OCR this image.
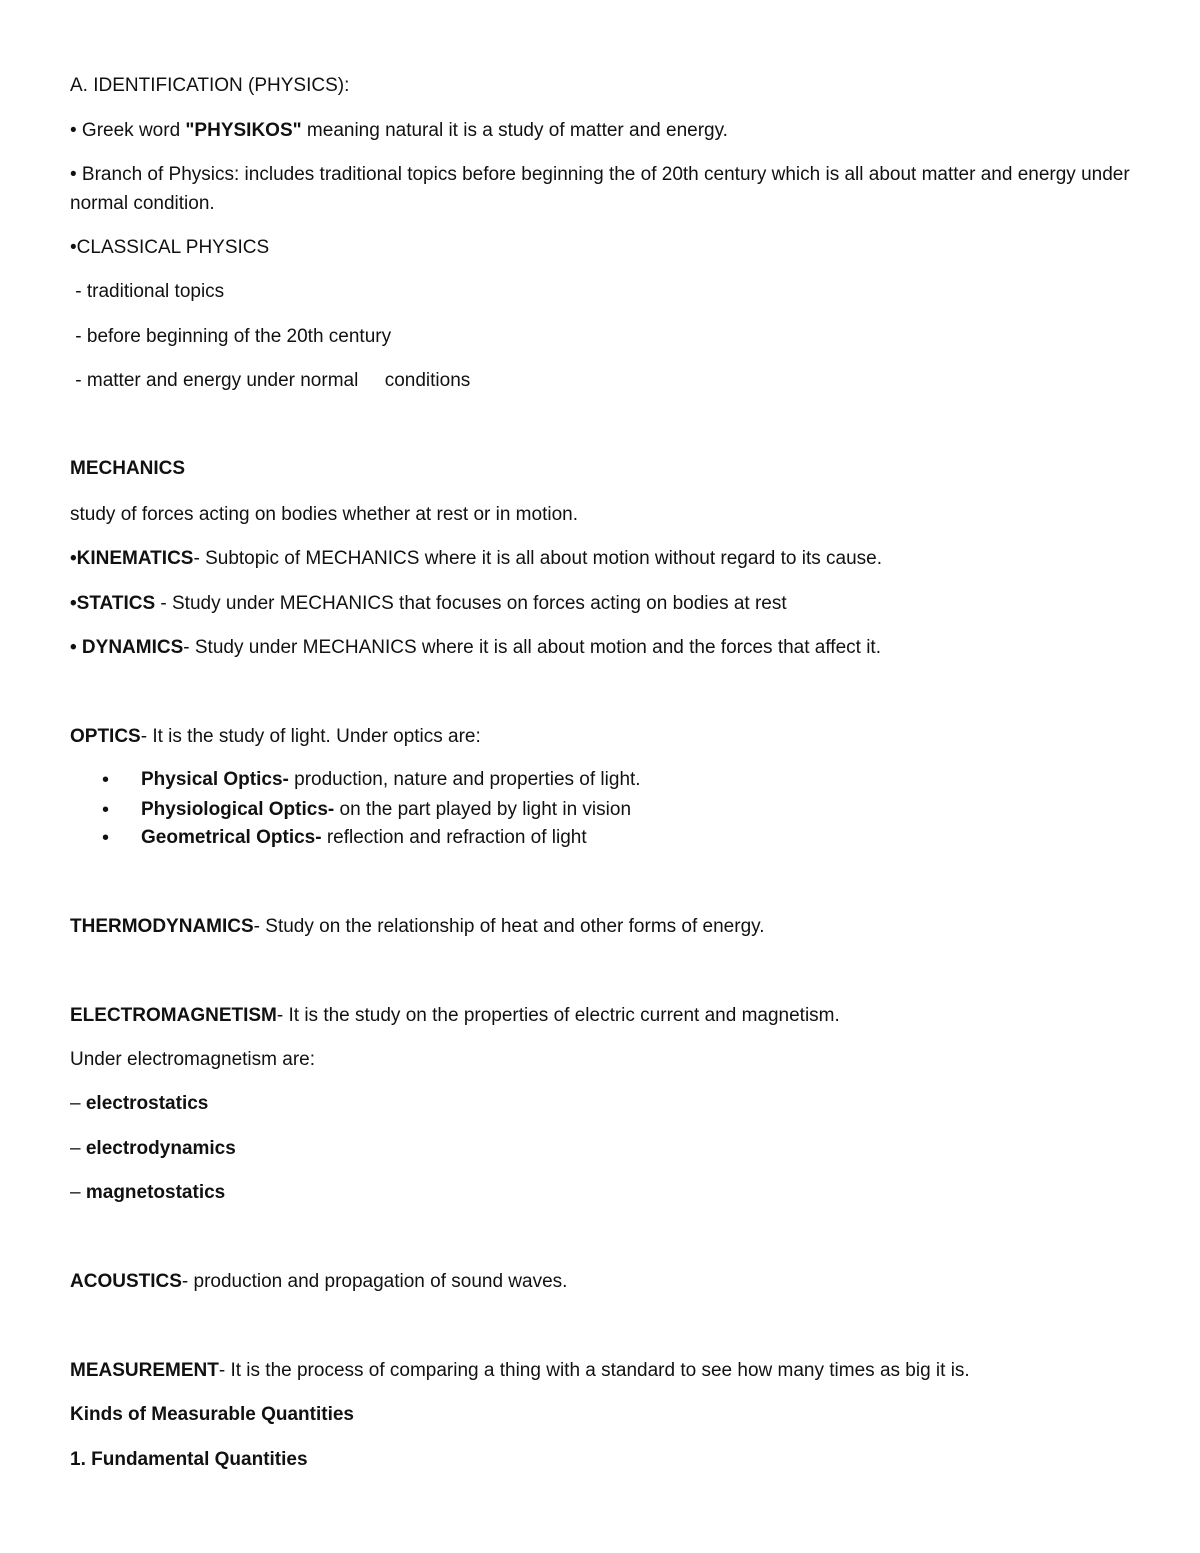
A. IDENTIFICATION (PHYSICS):

• Greek word "PHYSIKOS" meaning natural it is a study of matter and energy.

• Branch of Physics: includes traditional topics before beginning the of 20th century which is all about matter and energy under normal condition.

•CLASSICAL PHYSICS

- traditional topics

- before beginning of the 20th century

- matter and energy under normal     conditions

MECHANICS

study of forces acting on bodies whether at rest or in motion.

•KINEMATICS- Subtopic of MECHANICS where it is all about motion without regard to its cause.

•STATICS - Study under MECHANICS that focuses on forces acting on bodies at rest

• DYNAMICS- Study under MECHANICS where it is all about motion and the forces that affect it.

OPTICS- It is the study of light. Under optics are:

• Physical Optics- production, nature and properties of light.

• Physiological Optics- on the part played by light in vision

• Geometrical Optics- reflection and refraction of light

THERMODYNAMICS- Study on the relationship of heat and other forms of energy.

ELECTROMAGNETISM- It is the study on the properties of electric current and magnetism.

Under electromagnetism are:

– electrostatics

– electrodynamics

– magnetostatics

ACOUSTICS- production and propagation of sound waves.

MEASUREMENT- It is the process of comparing a thing with a standard to see how many times as big it is.

Kinds of Measurable Quantities

1. Fundamental Quantities
